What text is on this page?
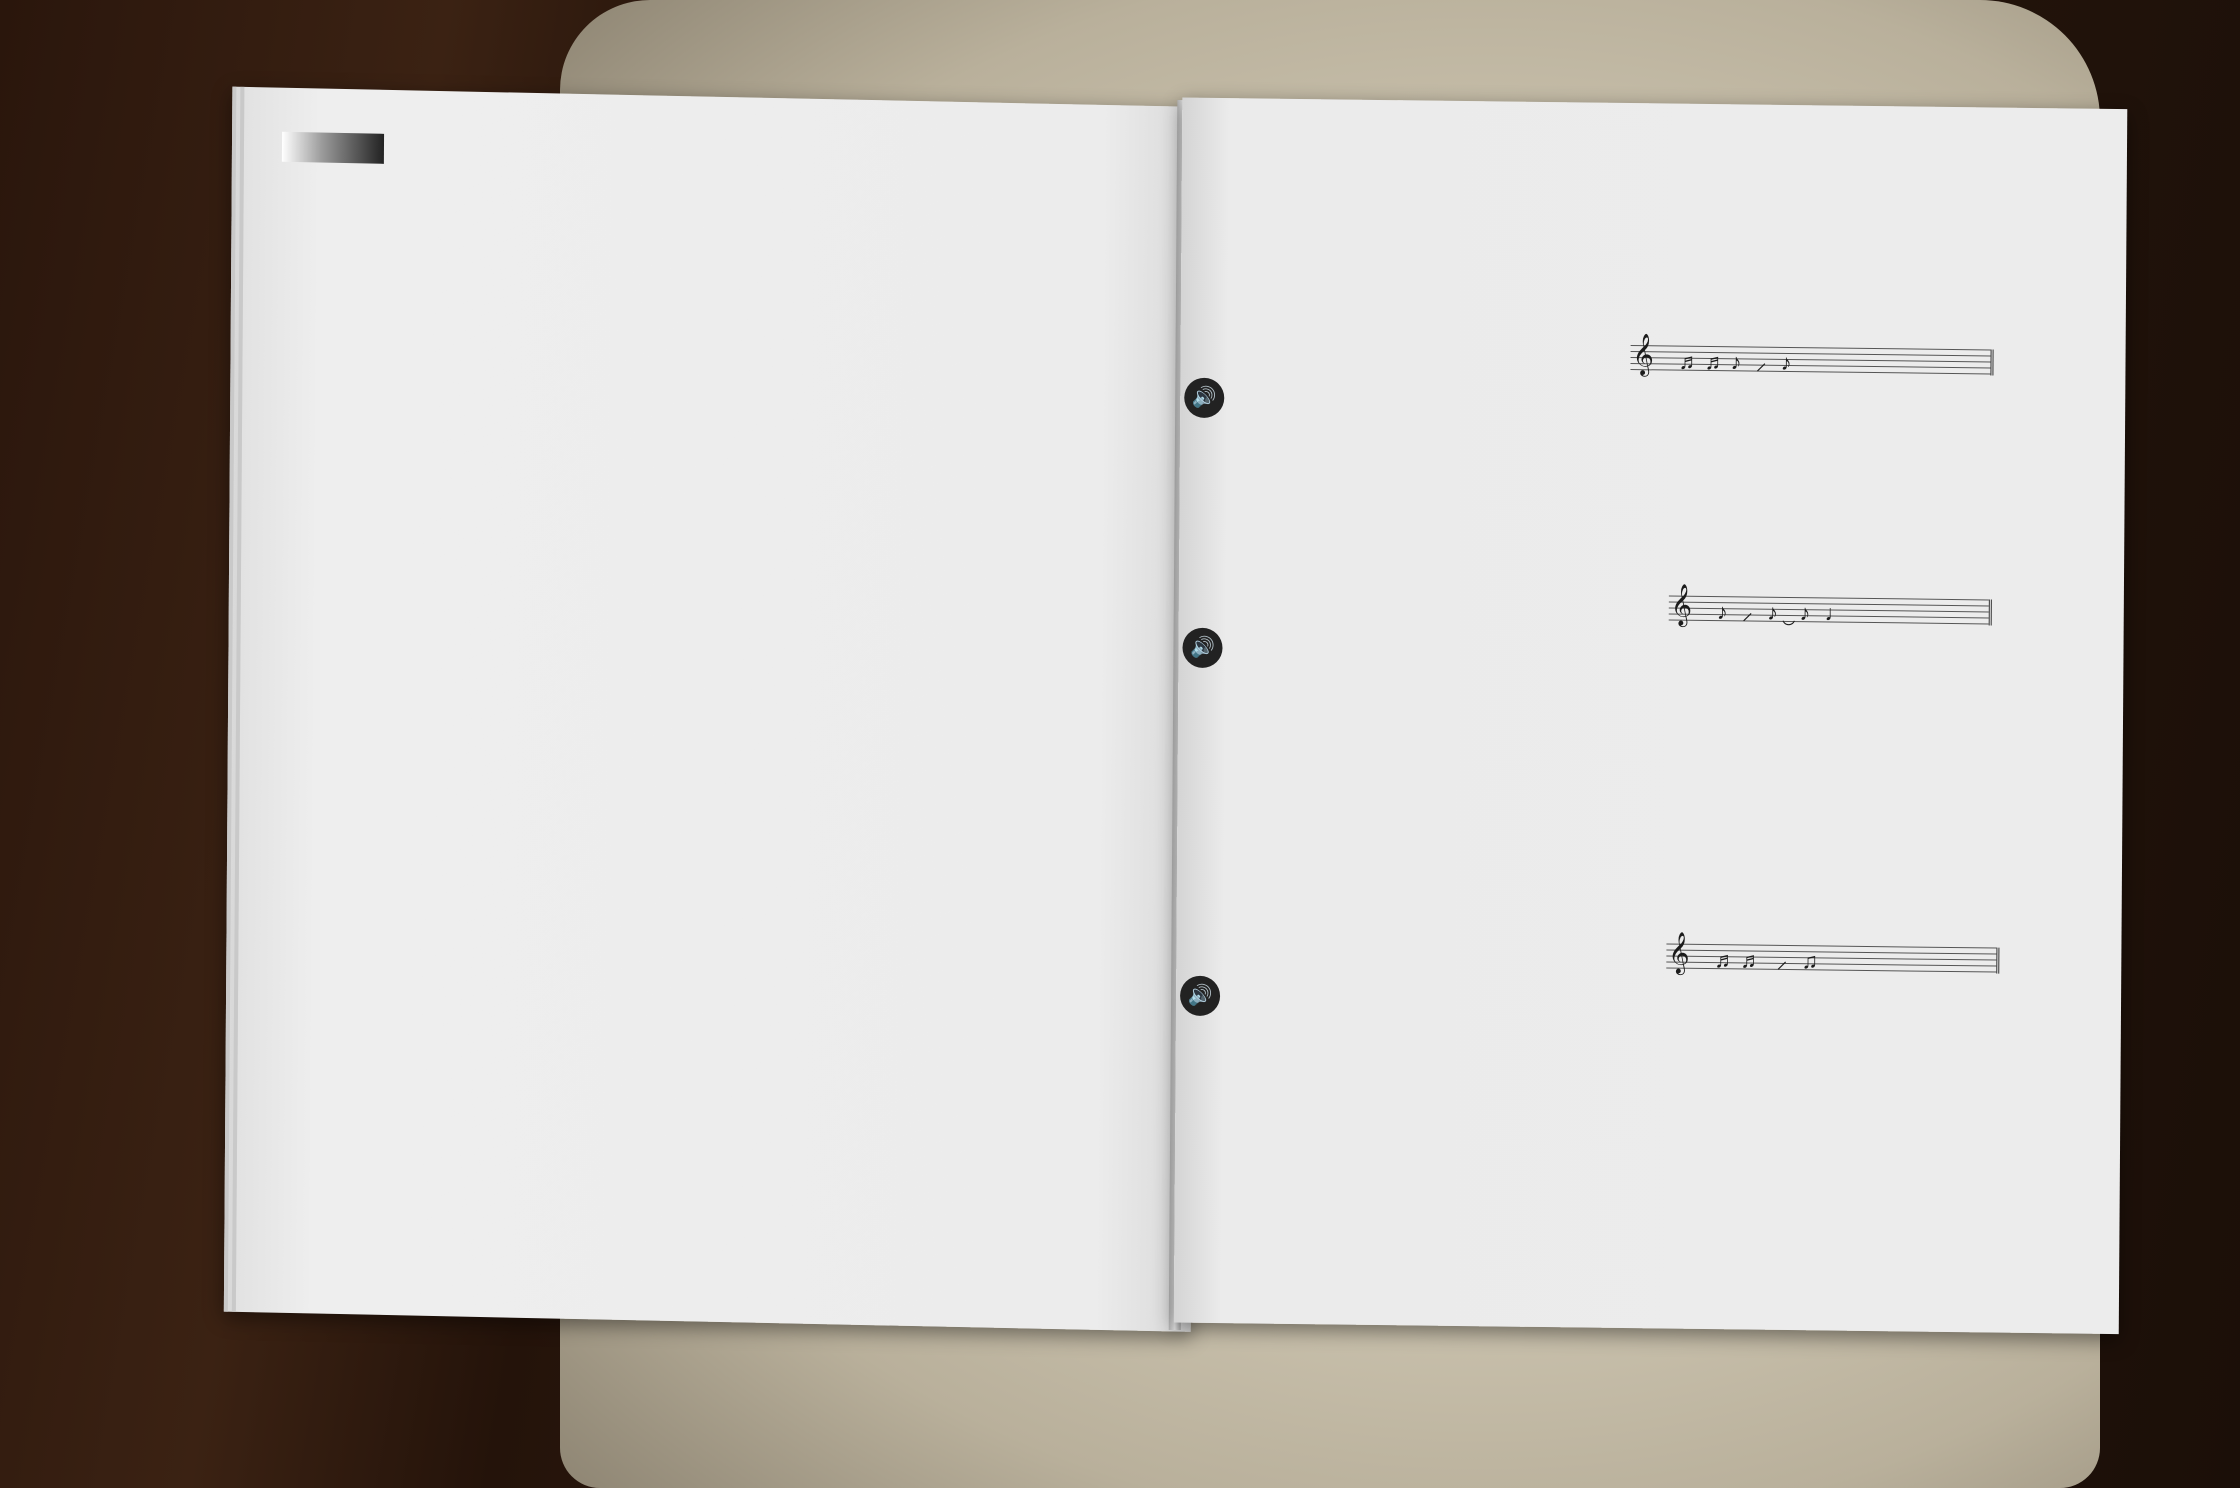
𝄞 ♬♬♪ ⸝ ♪
🔊
𝄞 ♪ ⸝ ♪‿♪ ♩
🔊
𝄞 ♬♬ ⸝ ♫
🔊
